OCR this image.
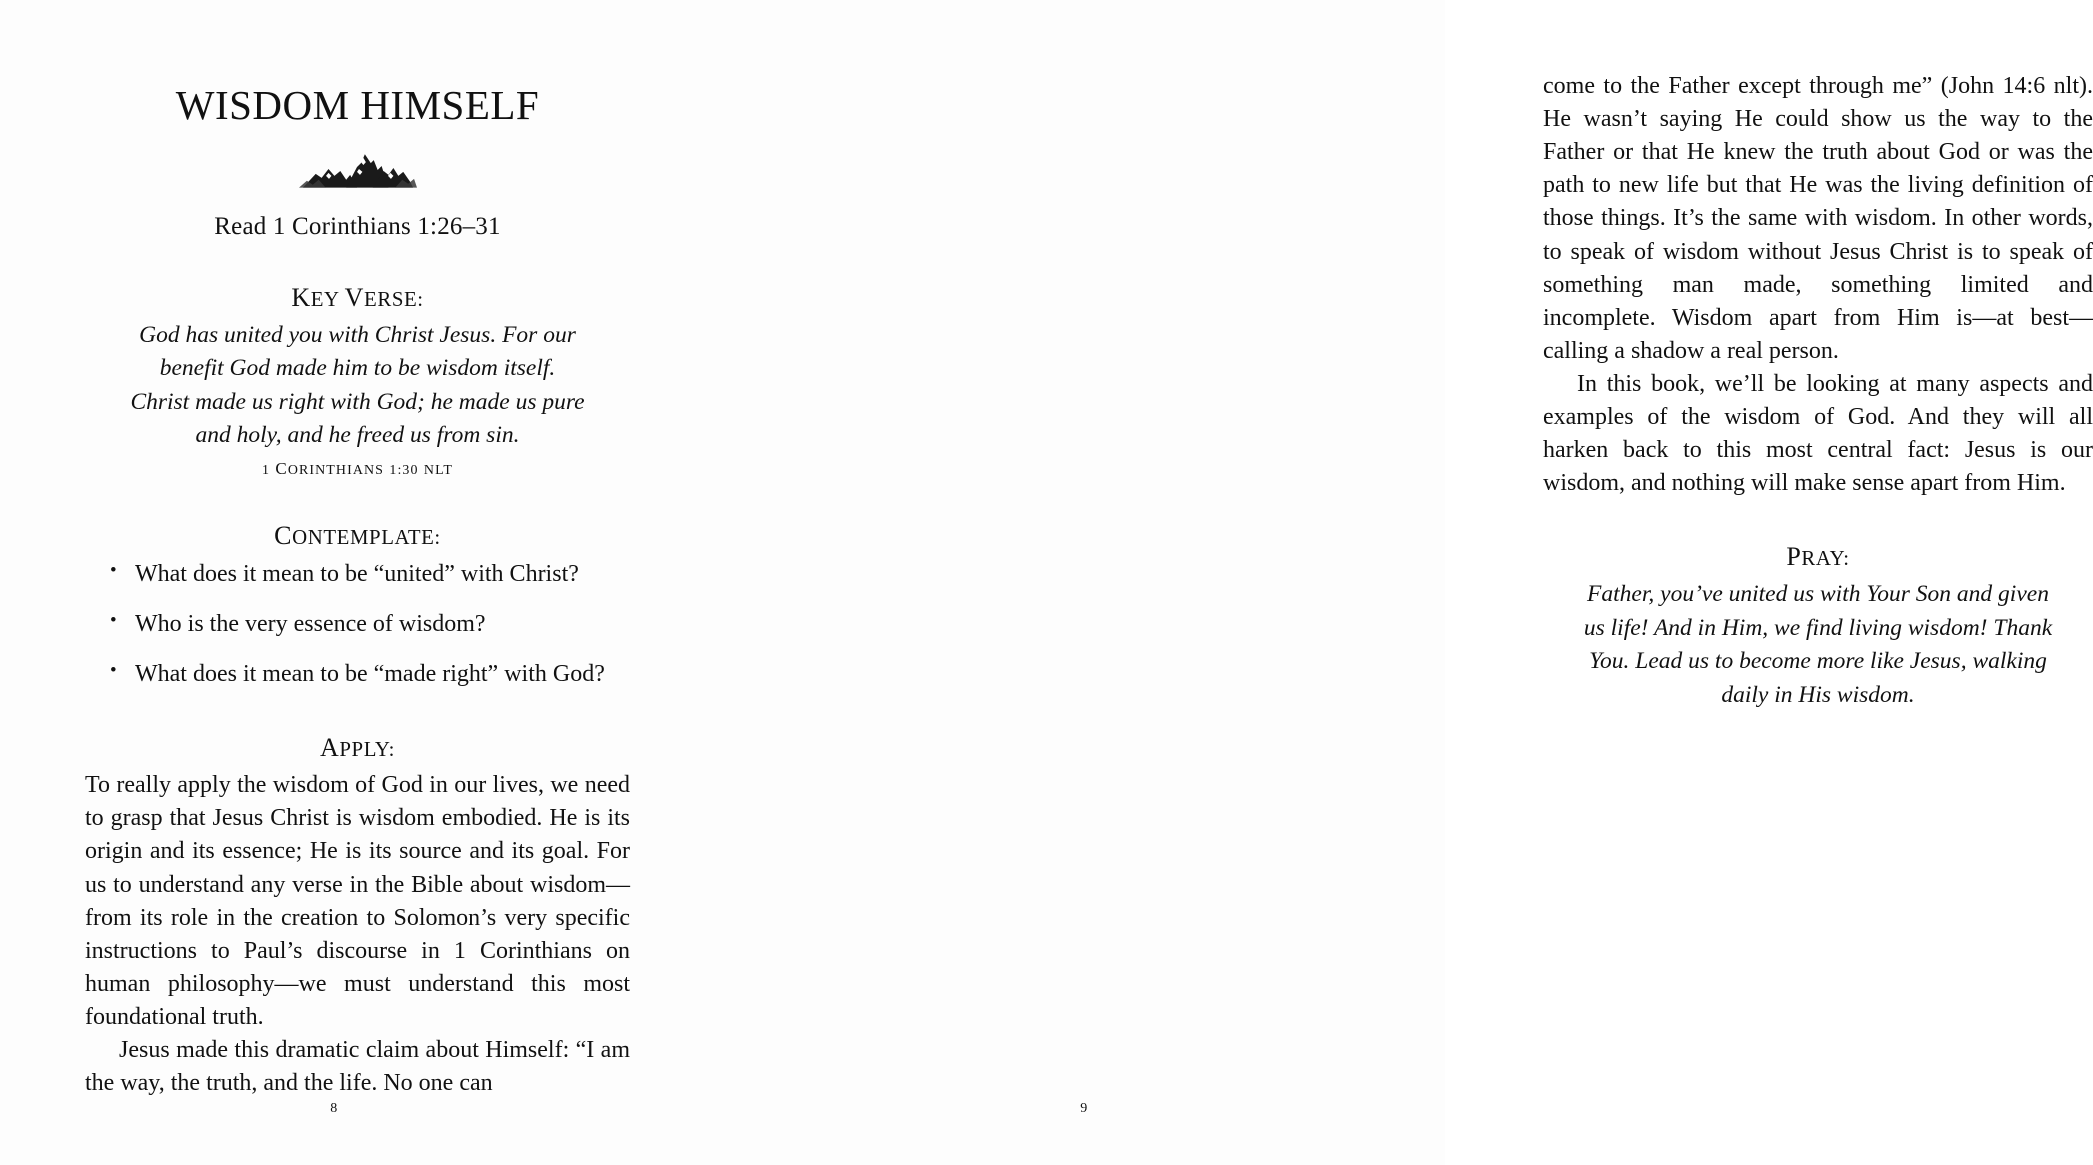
WISDOM HIMSELF
Read 1 Corinthians 1:26–31
KEY VERSE:
God has united you with Christ Jesus. For our benefit God made him to be wisdom itself. Christ made us right with God; he made us pure and holy, and he freed us from sin.
1 CORINTHIANS 1:30 NLT
CONTEMPLATE:
• What does it mean to be “united” with Christ?
• Who is the very essence of wisdom?
• What does it mean to be “made right” with God?
APPLY:

To really apply the wisdom of God in our lives, we need to grasp that Jesus Christ is wisdom embodied. He is its origin and its essence; He is its source and its goal. For us to understand any verse in the Bible about wisdom—from its role in the creation to Solomon’s very specific instructions to Paul’s discourse in 1 Corinthians on human philosophy—we must understand this most foundational truth.

Jesus made this dramatic claim about Himself: “I am the way, the truth, and the life. No one can

8

come to the Father except through me” (John 14:6 nlt). He wasn’t saying He could show us the way to the Father or that He knew the truth about God or was the path to new life but that He was the living definition of those things. It’s the same with wisdom. In other words, to speak of wisdom without Jesus Christ is to speak of something man made, something limited and incomplete. Wisdom apart from Him is—at best—calling a shadow a real person.

In this book, we’ll be looking at many aspects and examples of the wisdom of God. And they will all harken back to this most central fact: Jesus is our wisdom, and nothing will make sense apart from Him.

PRAY:
Father, you’ve united us with Your Son and given us life! And in Him, we find living wisdom! Thank You. Lead us to become more like Jesus, walking daily in His wisdom.
9
